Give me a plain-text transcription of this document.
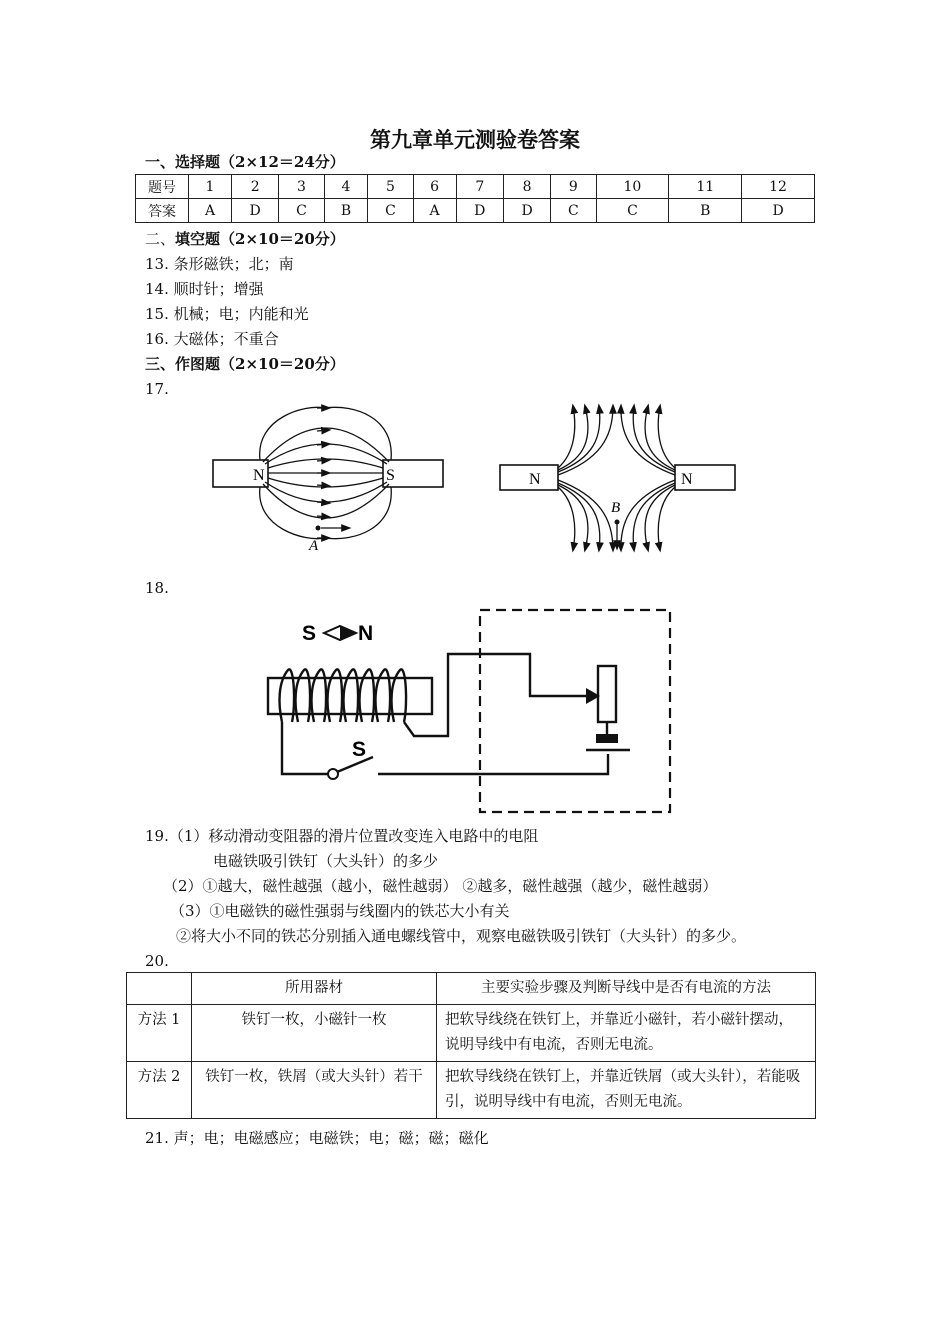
第九章单元测验卷答案
一、选择题（2×12＝24分）
题号	1	2	3	4	5	6	7	8	9	10	11	12
答案	A	D	C	B	C	A	D	D	C	C	B	D
二、填空题（2×10＝20分）
13. 条形磁铁；北；南
14. 顺时针；增强
15. 机械；电；内能和光
16. 大磁体；不重合
三、作图题（2×10＝20分）
17.
N	S
A
N	N
B
18.
S N
S
19.（1）移动滑动变阻器的滑片位置改变连入电路中的电阻
电磁铁吸引铁钉（大头针）的多少
（2）①越大，磁性越强（越小，磁性越弱） ②越多，磁性越强（越少，磁性越弱）
（3）①电磁铁的磁性强弱与线圈内的铁芯大小有关
②将大小不同的铁芯分别插入通电螺线管中，观察电磁铁吸引铁钉（大头针）的多少。
20.
	所用器材	主要实验步骤及判断导线中是否有电流的方法
方法 1	铁钉一枚，小磁针一枚	把软导线绕在铁钉上，并靠近小磁针，若小磁针摆动，说明导线中有电流，否则无电流。
方法 2	铁钉一枚，铁屑（或大头针）若干	把软导线绕在铁钉上，并靠近铁屑（或大头针），若能吸引，说明导线中有电流，否则无电流。
21. 声；电；电磁感应；电磁铁；电；磁；磁；磁化
